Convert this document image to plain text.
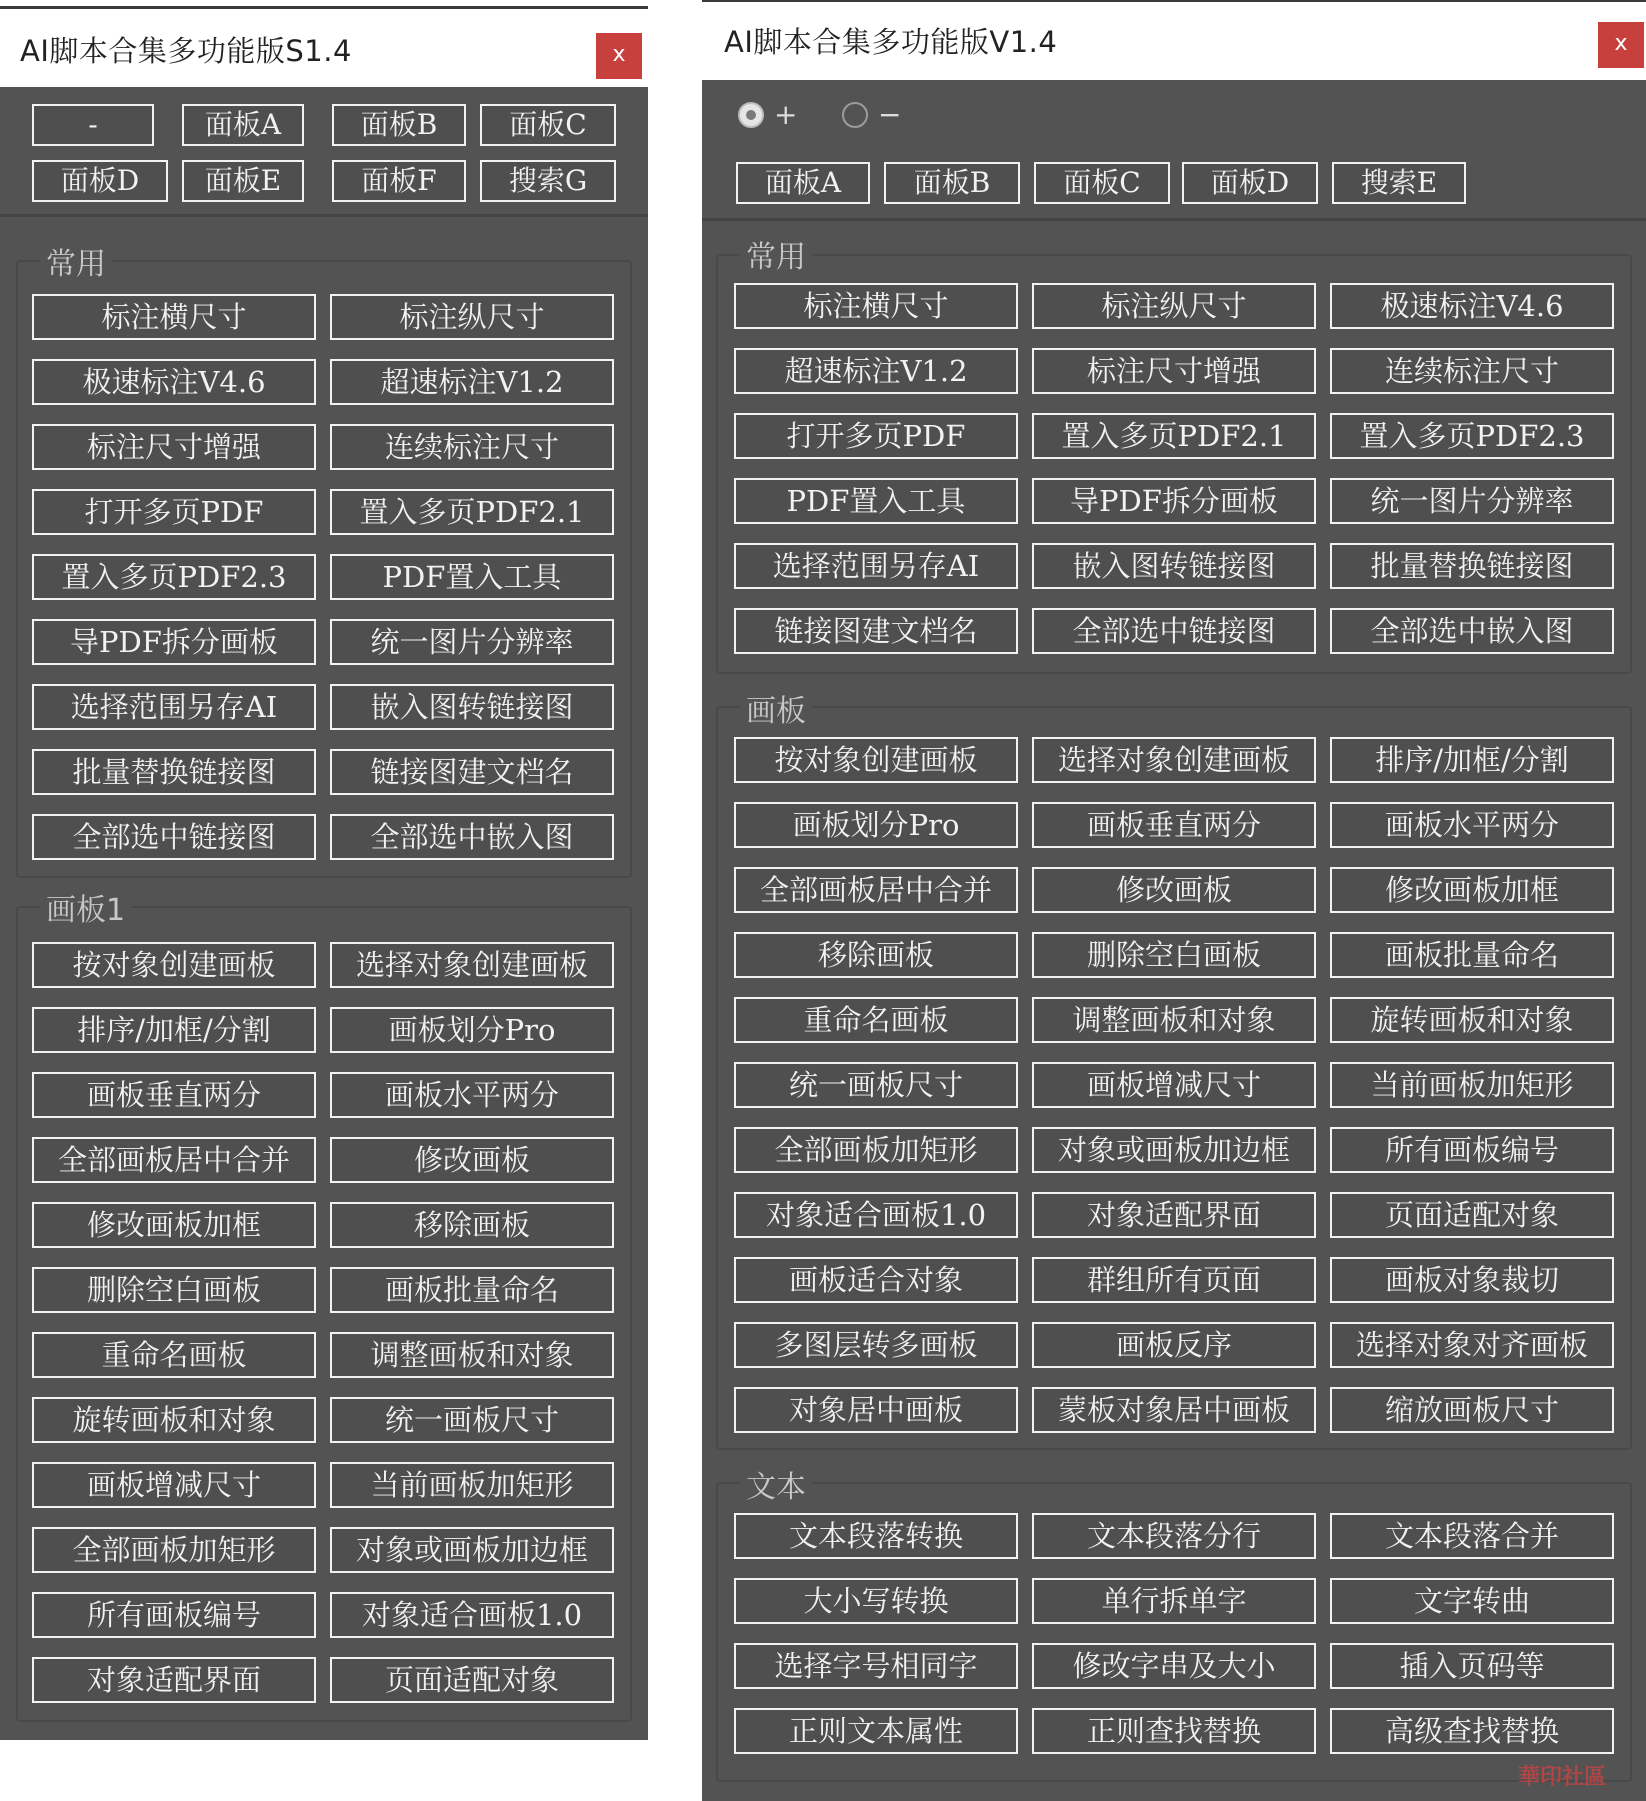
AI脚本合集多功能版S1.4	x
-	面板A	面板B	面板C
面板D	面板E	面板F	搜索G
常用
画板1
标注横尺寸	标注纵尺寸
极速标注V4.6	超速标注V1.2
标注尺寸增强	连续标注尺寸
打开多页PDF	置入多页PDF2.1
置入多页PDF2.3	PDF置入工具
导PDF拆分画板	统一图片分辨率
选择范围另存AI	嵌入图转链接图
批量替换链接图	链接图建文档名
全部选中链接图	全部选中嵌入图
按对象创建画板	选择对象创建画板
排序/加框/分割	画板划分Pro
画板垂直两分	画板水平两分
全部画板居中合并	修改画板
修改画板加框	移除画板
删除空白画板	画板批量命名
重命名画板	调整画板和对象
旋转画板和对象	统一画板尺寸
画板增减尺寸	当前画板加矩形
全部画板加矩形	对象或画板加边框
所有画板编号	对象适合画板1.0
对象适配界面	页面适配对象
AI脚本合集多功能版V1.4	x
+	−
面板A	面板B	面板C	面板D	搜索E
常用
画板
文本
标注横尺寸	标注纵尺寸	极速标注V4.6
超速标注V1.2	标注尺寸增强	连续标注尺寸
打开多页PDF	置入多页PDF2.1	置入多页PDF2.3
PDF置入工具	导PDF拆分画板	统一图片分辨率
选择范围另存AI	嵌入图转链接图	批量替换链接图
链接图建文档名	全部选中链接图	全部选中嵌入图
按对象创建画板	选择对象创建画板	排序/加框/分割
画板划分Pro	画板垂直两分	画板水平两分
全部画板居中合并	修改画板	修改画板加框
移除画板	删除空白画板	画板批量命名
重命名画板	调整画板和对象	旋转画板和对象
统一画板尺寸	画板增减尺寸	当前画板加矩形
全部画板加矩形	对象或画板加边框	所有画板编号
对象适合画板1.0	对象适配界面	页面适配对象
画板适合对象	群组所有页面	画板对象裁切
多图层转多画板	画板反序	选择对象对齐画板
对象居中画板	蒙板对象居中画板	缩放画板尺寸
文本段落转换	文本段落分行	文本段落合并
大小写转换	单行拆单字	文字转曲
选择字号相同字	修改字串及大小	插入页码等
正则文本属性	正则查找替换	高级查找替换
華印社區
